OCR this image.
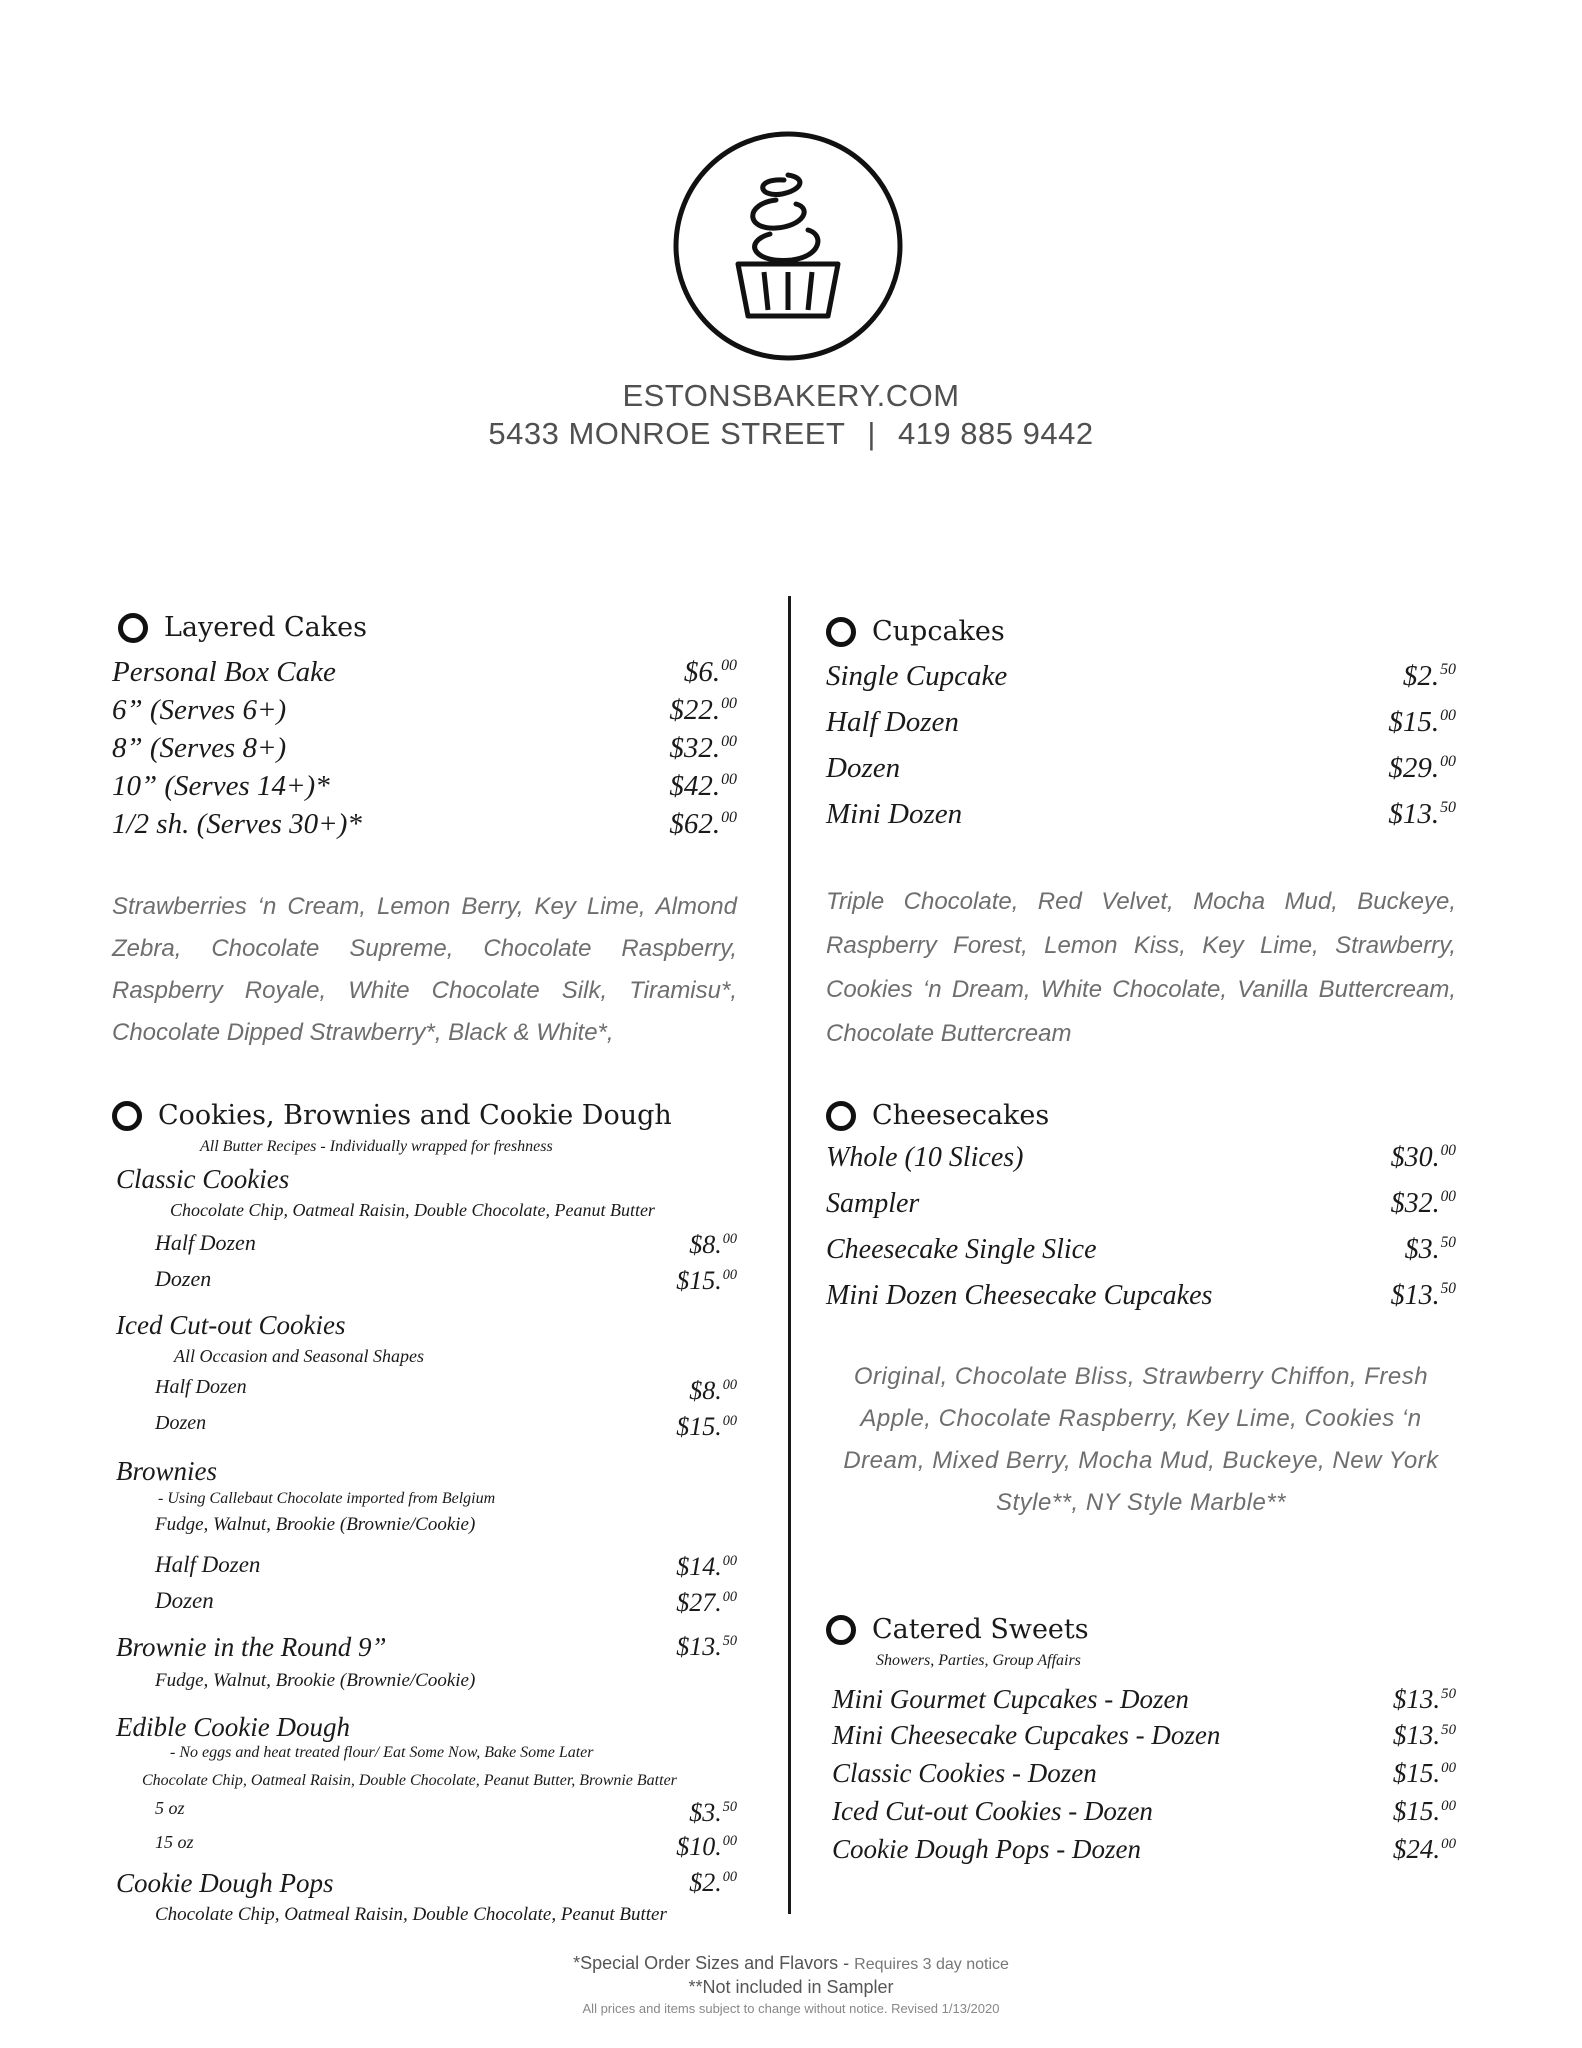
ESTONSBAKERY.COM
5433 MONROE STREET | 419 885 9442
Layered Cakes
Personal Box Cake	$6.00
6” (Serves 6+)	$22.00
8” (Serves 8+)	$32.00
10” (Serves 14+)*	$42.00
1/2 sh. (Serves 30+)*	$62.00
Strawberries ‘n Cream, Lemon Berry, Key Lime, Almond Zebra, Chocolate Supreme, Chocolate Raspberry, Raspberry Royale, White Chocolate Silk, Tiramisu*, Chocolate Dipped Strawberry*, Black & White*,
Cookies, Brownies and Cookie Dough
All Butter Recipes - Individually wrapped for freshness
Classic Cookies
Chocolate Chip, Oatmeal Raisin, Double Chocolate, Peanut Butter
Half Dozen	$8.00
Dozen	$15.00
Iced Cut-out Cookies
All Occasion and Seasonal Shapes
Half Dozen	$8.00
Dozen	$15.00
Brownies
- Using Callebaut Chocolate imported from Belgium
Fudge, Walnut, Brookie (Brownie/Cookie)
Half Dozen	$14.00
Dozen	$27.00
Brownie in the Round 9”	$13.50
Fudge, Walnut, Brookie (Brownie/Cookie)
Edible Cookie Dough
- No eggs and heat treated flour/ Eat Some Now, Bake Some Later
Chocolate Chip, Oatmeal Raisin, Double Chocolate, Peanut Butter, Brownie Batter
5 oz	$3.50
15 oz	$10.00
Cookie Dough Pops	$2.00
Chocolate Chip, Oatmeal Raisin, Double Chocolate, Peanut Butter
Cupcakes
Single Cupcake	$2.50
Half Dozen	$15.00
Dozen	$29.00
Mini Dozen	$13.50
Triple Chocolate, Red Velvet, Mocha Mud, Buckeye, Raspberry Forest, Lemon Kiss, Key Lime, Strawberry, Cookies ‘n Dream, White Chocolate, Vanilla Buttercream, Chocolate Buttercream
Cheesecakes
Whole (10 Slices)	$30.00
Sampler	$32.00
Cheesecake Single Slice	$3.50
Mini Dozen Cheesecake Cupcakes	$13.50
Original, Chocolate Bliss, Strawberry Chiffon, Fresh Apple, Chocolate Raspberry, Key Lime, Cookies ‘n Dream, Mixed Berry, Mocha Mud, Buckeye, New York Style**, NY Style Marble**
Catered Sweets
Showers, Parties, Group Affairs
Mini Gourmet Cupcakes - Dozen	$13.50
Mini Cheesecake Cupcakes - Dozen	$13.50
Classic Cookies - Dozen	$15.00
Iced Cut-out Cookies - Dozen	$15.00
Cookie Dough Pops - Dozen	$24.00
*Special Order Sizes and Flavors - Requires 3 day notice
**Not included in Sampler
All prices and items subject to change without notice. Revised 1/13/2020
